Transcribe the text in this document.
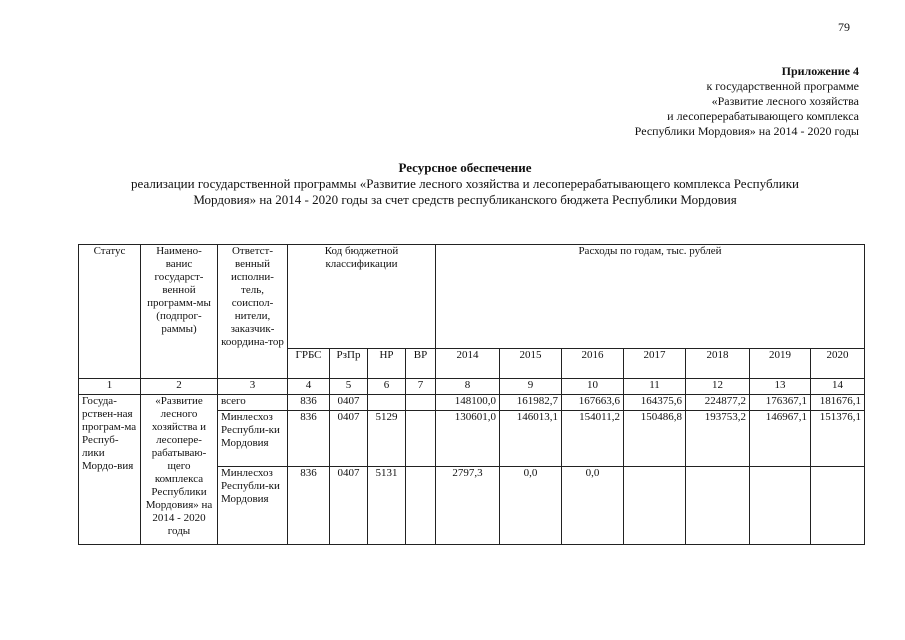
79
Приложение 4
к государственной программе
«Развитие лесного хозяйства
и лесоперерабатывающего комплекса
Республики Мордовия» на 2014 - 2020 годы
Ресурсное обеспечение
реализации государственной программы «Развитие лесного хозяйства и лесоперерабатывающего комплекса Республики
Мордовия» на 2014 - 2020 годы за счет средств республиканского бюджета Республики Мордовия
Статус	Наимено-ванис государст-венной программ-мы (подпрог-раммы)	Ответст-венный исполни-тель, соиспол-нители, заказчик-координа-тор	Код бюджетной классификации				Расходы по годам, тыс. рублей						
			ГРБС	РзПр	НР	ВР	2014	2015	2016	2017	2018	2019	2020
1	2	3	4	5	6	7	8	9	10	11	12	13	14
Госуда-рствен-ная програм-ма Респуб-лики Мордо-вия	«Развитие лесного хозяйства и лесопере-рабатываю-щего комплекса Республики Мордовия» на 2014 - 2020 годы	всего	836	0407			148100,0	161982,7	167663,6	164375,6	224877,2	176367,1	181676,1
		Минлесхоз Республи-ки Мордовия	836	0407	5129		130601,0	146013,1	154011,2	150486,8	193753,2	146967,1	151376,1
		Минлесхоз Республи-ки Мордовия	836	0407	5131		2797,3	0,0	0,0				
